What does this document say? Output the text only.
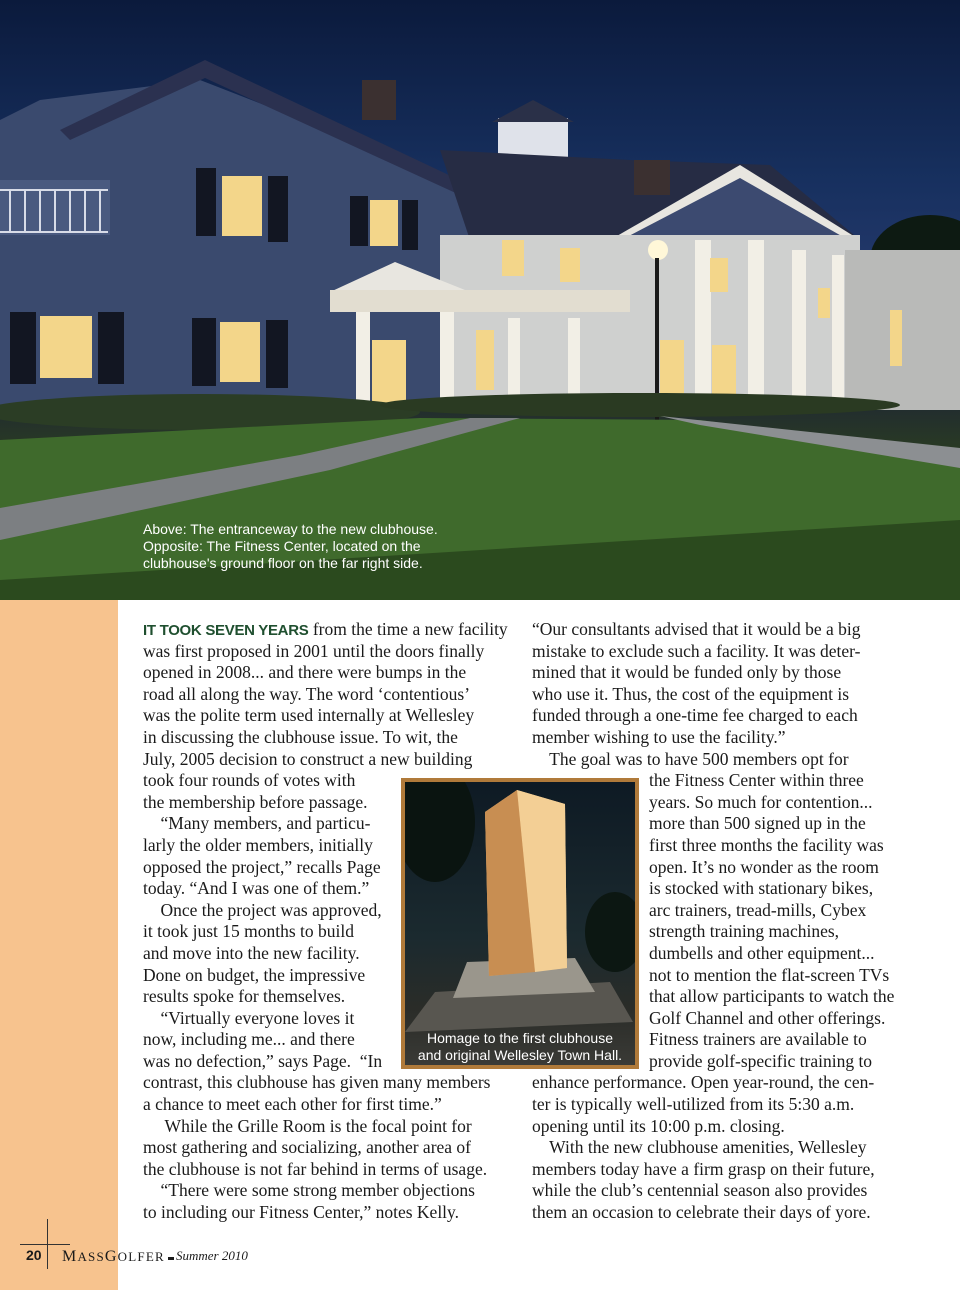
Above: The entranceway to the new clubhouse.
Opposite: The Fitness Center, located on the
clubhouse's ground floor on the far right side.
IT TOOK SEVEN YEARS from the time a new facility
was first proposed in 2001 until the doors finally
opened in 2008... and there were bumps in the
road all along the way. The word ‘contentious’
was the polite term used internally at Wellesley
in discussing the clubhouse issue. To wit, the
July, 2005 decision to construct a new building
took four rounds of votes with
the membership before passage.
“Many members, and particu-
larly the older members, initially
opposed the project,” recalls Page
today. “And I was one of them.”
Once the project was approved,
it took just 15 months to build
and move into the new facility.
Done on budget, the impressive
results spoke for themselves.
“Virtually everyone loves it
now, including me... and there
was no defection,” says Page.  “In
contrast, this clubhouse has given many members
a chance to meet each other for first time.”
While the Grille Room is the focal point for
most gathering and socializing, another area of
the clubhouse is not far behind in terms of usage.
“There were some strong member objections
to including our Fitness Center,” notes Kelly.
“Our consultants advised that it would be a big
mistake to exclude such a facility. It was deter-
mined that it would be funded only by those
who use it. Thus, the cost of the equipment is
funded through a one-time fee charged to each
member wishing to use the facility.”
The goal was to have 500 members opt for
the Fitness Center within three
years. So much for contention...
more than 500 signed up in the
first three months the facility was
open. It’s no wonder as the room
is stocked with stationary bikes,
arc trainers, tread-mills, Cybex
strength training machines,
dumbells and other equipment...
not to mention the flat-screen TVs
that allow participants to watch the
Golf Channel and other offerings.
Fitness trainers are available to
provide golf-specific training to
enhance performance. Open year-round, the cen-
ter is typically well-utilized from its 5:30 a.m.
opening until its 10:00 p.m. closing.
With the new clubhouse amenities, Wellesley
members today have a firm grasp on their future,
while the club’s centennial season also provides
them an occasion to celebrate their days of yore.
Homage to the first clubhouse
and original Wellesley Town Hall.
20 MASSGOLFER Summer 2010
